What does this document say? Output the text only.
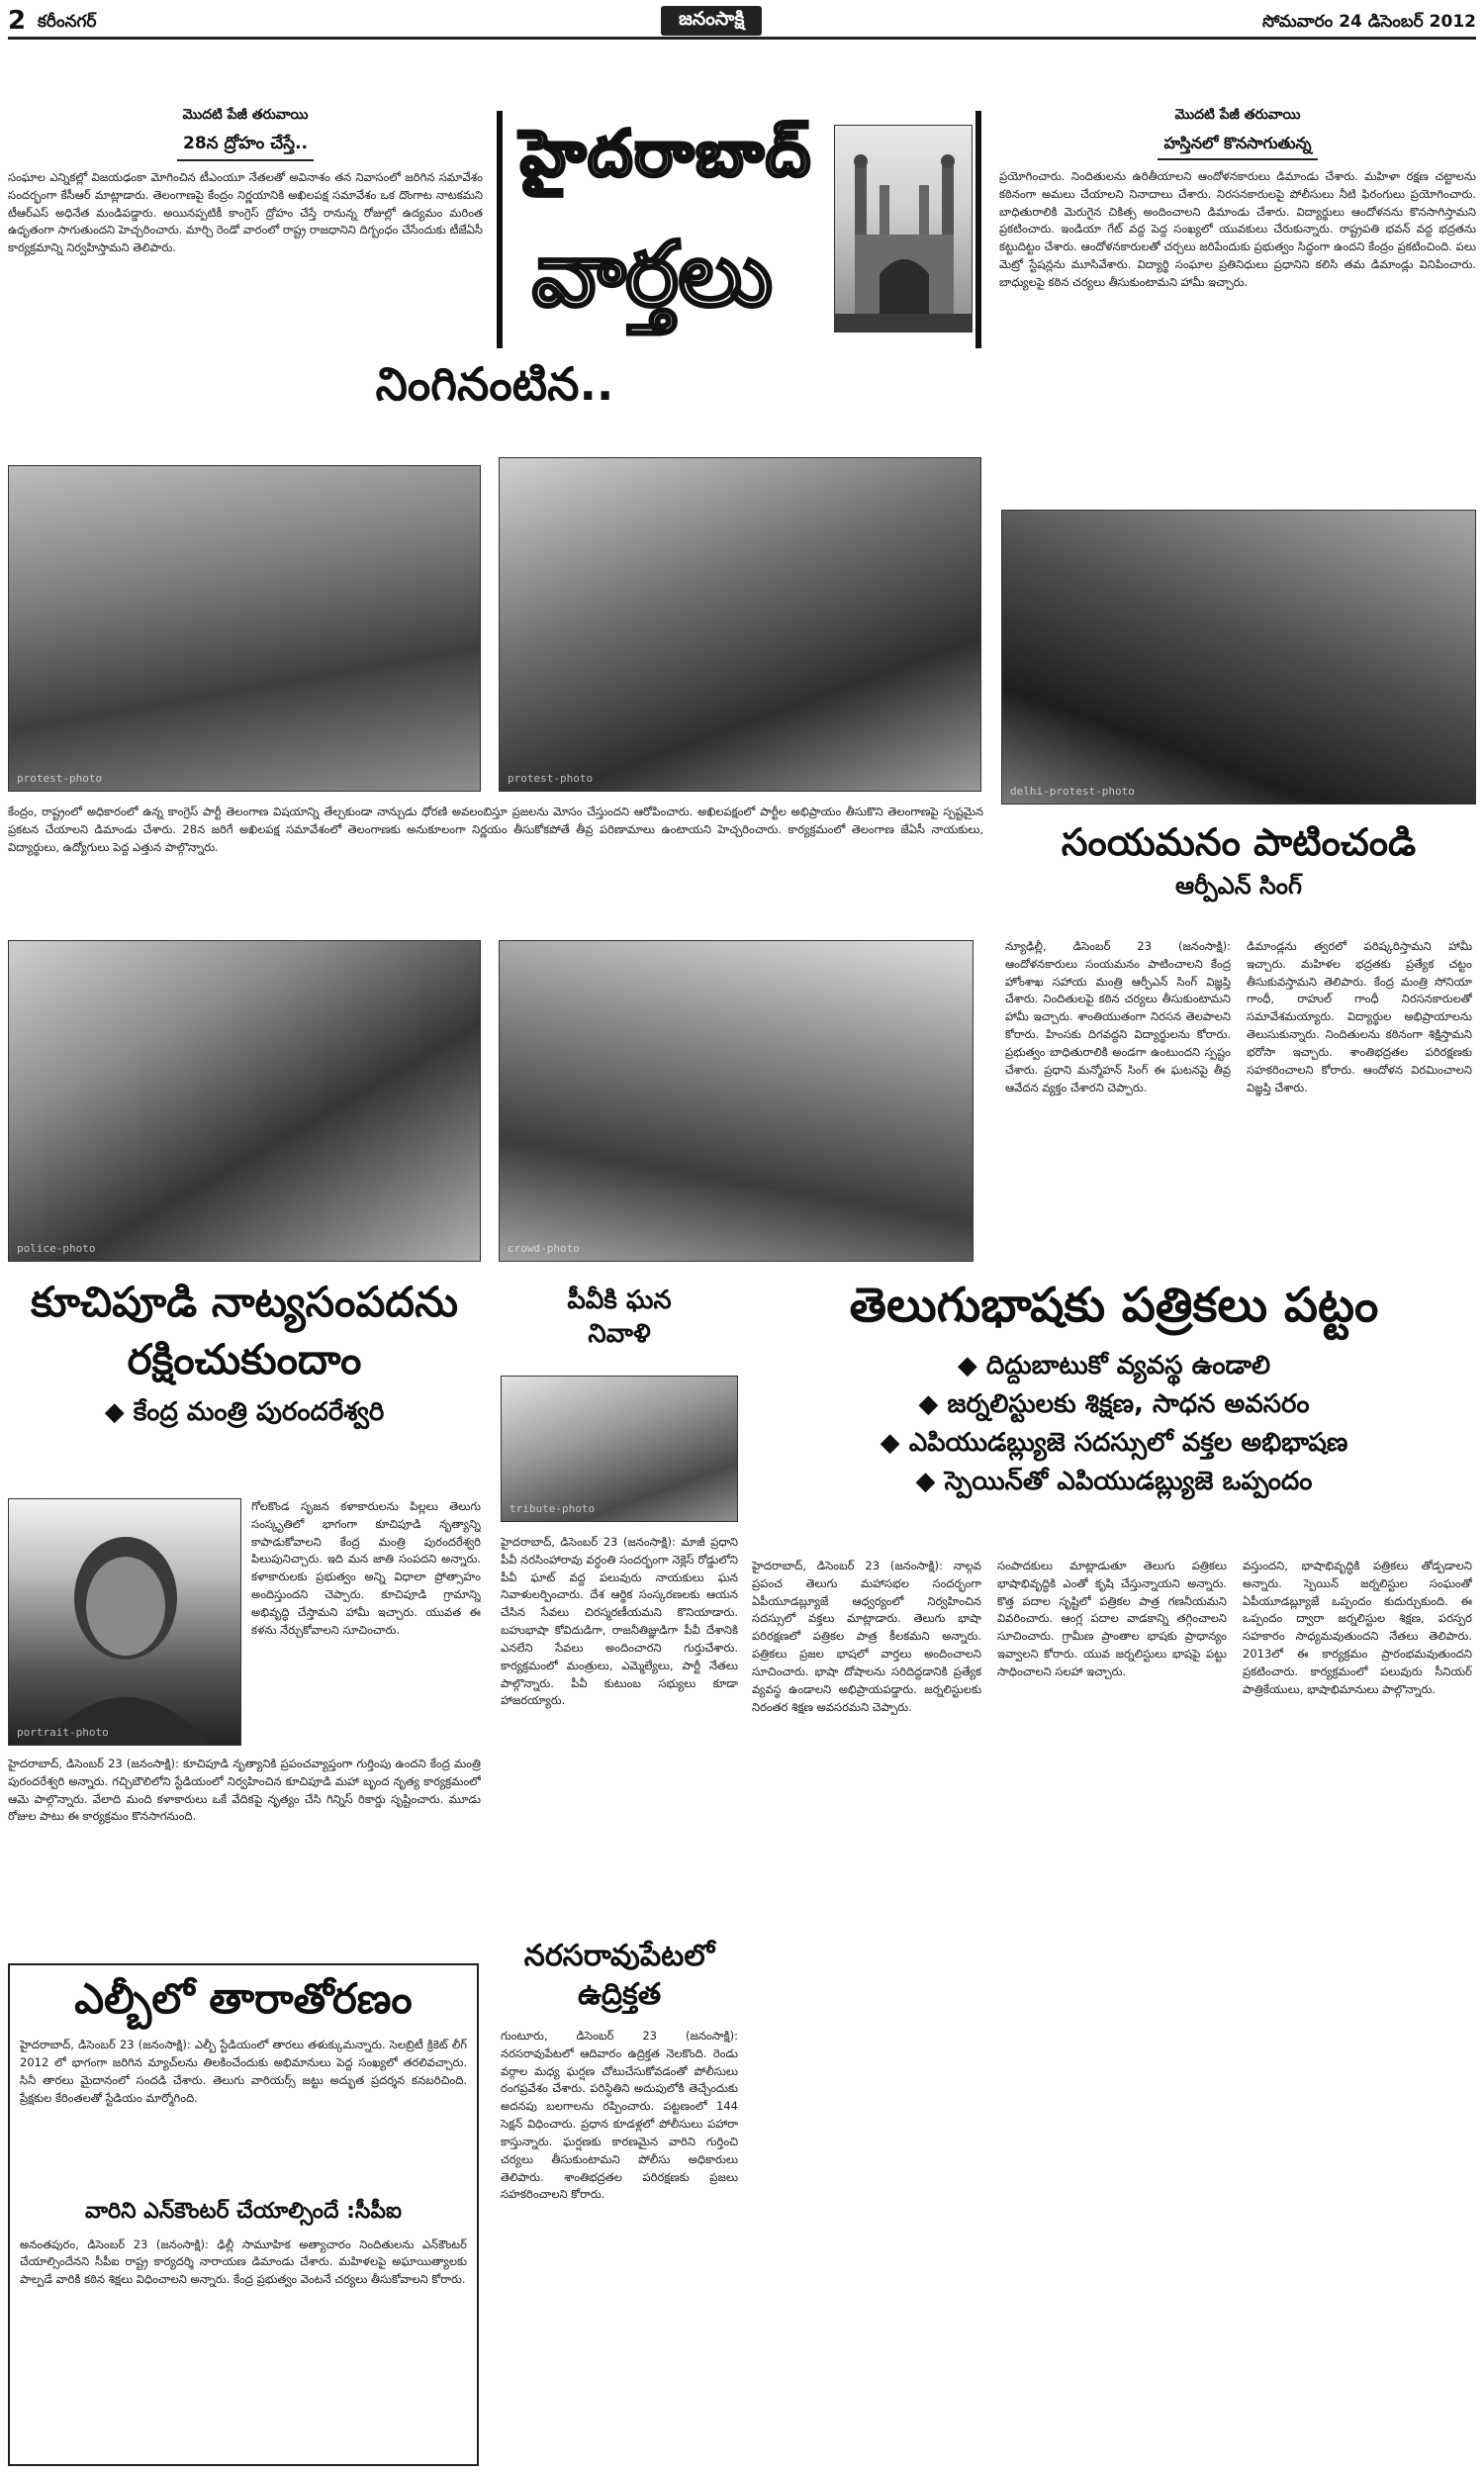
2 కరీంనగర్	జనంసాక్షి	సోమవారం 24 డిసెంబర్ 2012
మొదటి పేజీ తరువాయి
28న ద్రోహం చేస్తే..
సంఘాల ఎన్నికల్లో విజయఢంకా మోగించిన టీఎంయూ నేతలతో అవినాశం తన నివాసంలో జరిగిన సమావేశం సందర్భంగా కేసీఆర్ మాట్లాడారు. తెలంగాణపై కేంద్రం నిర్ణయానికి అఖిలపక్ష సమావేశం ఒక దొంగాట నాటకమని టీఆర్ఎస్ అధినేత మండిపడ్డారు. అయినప్పటికీ కాంగ్రెస్ ద్రోహం చేస్తే రానున్న రోజుల్లో ఉద్యమం మరింత ఉధృతంగా సాగుతుందని హెచ్చరించారు. మార్చి రెండో వారంలో రాష్ట్ర రాజధానిని దిగ్బంధం చేసేందుకు టీజేఏసీ కార్యక్రమాన్ని నిర్వహిస్తామని తెలిపారు.
హైదరాబాద్
వార్తలు
మొదటి పేజీ తరువాయి
హస్తినలో కొనసాగుతున్న
ప్రయోగించారు. నిందితులను ఉరితీయాలని ఆందోళనకారులు డిమాండు చేశారు. మహిళా రక్షణ చట్టాలను కఠినంగా అమలు చేయాలని నినాదాలు చేశారు. నిరసనకారులపై పోలీసులు నీటి ఫిరంగులు ప్రయోగించారు. బాధితురాలికి మెరుగైన చికిత్స అందించాలని డిమాండు చేశారు. విద్యార్థులు ఆందోళనను కొనసాగిస్తామని ప్రకటించారు. ఇండియా గేట్ వద్ద పెద్ద సంఖ్యలో యువకులు చేరుకున్నారు. రాష్ట్రపతి భవన్ వద్ద భద్రతను కట్టుదిట్టం చేశారు. ఆందోళనకారులతో చర్చలు జరిపేందుకు ప్రభుత్వం సిద్ధంగా ఉందని కేంద్రం ప్రకటించింది. పలు మెట్రో స్టేషన్లను మూసివేశారు. విద్యార్థి సంఘాల ప్రతినిధులు ప్రధానిని కలిసి తమ డిమాండ్లు వినిపించారు. బాధ్యులపై కఠిన చర్యలు తీసుకుంటామని హామీ ఇచ్చారు.
నింగినంటిన..
protest-photo	protest-photo
delhi-protest-photo
కేంద్రం, రాష్ట్రంలో అధికారంలో ఉన్న కాంగ్రెస్ పార్టీ తెలంగాణ విషయాన్ని తేల్చకుండా నాన్చుడు ధోరణి అవలంబిస్తూ ప్రజలను మోసం చేస్తుందని ఆరోపించారు. అఖిలపక్షంలో పార్టీల అభిప్రాయం తీసుకొని తెలంగాణపై స్పష్టమైన ప్రకటన చేయాలని డిమాండు చేశారు. 28న జరిగే అఖిలపక్ష సమావేశంలో తెలంగాణకు అనుకూలంగా నిర్ణయం తీసుకోకపోతే తీవ్ర పరిణామాలు ఉంటాయని హెచ్చరించారు. కార్యక్రమంలో తెలంగాణ జేఏసీ నాయకులు, విద్యార్థులు, ఉద్యోగులు పెద్ద ఎత్తున పాల్గొన్నారు.	సంయమనం పాటించండి
ఆర్పీఎన్ సింగ్
న్యూఢిల్లీ, డిసెంబర్ 23 (జనంసాక్షి): ఆందోళనకారులు సంయమనం పాటించాలని కేంద్ర హోంశాఖ సహాయ మంత్రి ఆర్పీఎన్ సింగ్ విజ్ఞప్తి చేశారు. నిందితులపై కఠిన చర్యలు తీసుకుంటామని హామీ ఇచ్చారు. శాంతియుతంగా నిరసన తెలపాలని కోరారు. హింసకు దిగవద్దని విద్యార్థులను కోరారు. ప్రభుత్వం బాధితురాలికి అండగా ఉంటుందని స్పష్టం చేశారు. ప్రధాని మన్మోహన్ సింగ్ ఈ ఘటనపై తీవ్ర ఆవేదన వ్యక్తం చేశారని చెప్పారు.
డిమాండ్లను త్వరలో పరిష్కరిస్తామని హామీ ఇచ్చారు. మహిళల భద్రతకు ప్రత్యేక చట్టం తీసుకువస్తామని తెలిపారు. కేంద్ర మంత్రి సోనియా గాంధీ, రాహుల్ గాంధీ నిరసనకారులతో సమావేశమయ్యారు. విద్యార్థుల అభిప్రాయాలను తెలుసుకున్నారు. నిందితులను కఠినంగా శిక్షిస్తామని భరోసా ఇచ్చారు. శాంతిభద్రతల పరిరక్షణకు సహకరించాలని కోరారు. ఆందోళన విరమించాలని విజ్ఞప్తి చేశారు.
police-photo	crowd-photo
కూచిపూడి నాట్యసంపదను
రక్షించుకుందాం
◆ కేంద్ర మంత్రి పురందరేశ్వరి
portrait-photo
గోలకొండ సృజన కళాకారులను పిల్లలు తెలుగు సంస్కృతిలో భాగంగా కూచిపూడి నృత్యాన్ని కాపాడుకోవాలని కేంద్ర మంత్రి పురందరేశ్వరి పిలుపునిచ్చారు. ఇది మన జాతి సంపదని అన్నారు. కళాకారులకు ప్రభుత్వం అన్ని విధాలా ప్రోత్సాహం అందిస్తుందని చెప్పారు. కూచిపూడి గ్రామాన్ని అభివృద్ధి చేస్తామని హామీ ఇచ్చారు. యువత ఈ కళను నేర్చుకోవాలని సూచించారు.
హైదరాబాద్, డిసెంబర్ 23 (జనంసాక్షి): కూచిపూడి నృత్యానికి ప్రపంచవ్యాప్తంగా గుర్తింపు ఉందని కేంద్ర మంత్రి పురందరేశ్వరి అన్నారు. గచ్చిబౌలిలోని స్టేడియంలో నిర్వహించిన కూచిపూడి మహా బృంద నృత్య కార్యక్రమంలో ఆమె పాల్గొన్నారు. వేలాది మంది కళాకారులు ఒకే వేదికపై నృత్యం చేసి గిన్నిస్ రికార్డు సృష్టించారు. మూడు రోజుల పాటు ఈ కార్యక్రమం కొనసాగనుంది.
పీవీకి ఘన
నివాళి
tribute-photo
హైదరాబాద్, డిసెంబర్ 23 (జనంసాక్షి): మాజీ ప్రధాని పీవీ నరసింహారావు వర్ధంతి సందర్భంగా నెక్లెస్ రోడ్డులోని పీవీ ఘాట్ వద్ద పలువురు నాయకులు ఘన నివాళులర్పించారు. దేశ ఆర్థిక సంస్కరణలకు ఆయన చేసిన సేవలు చిరస్మరణీయమని కొనియాడారు. బహుభాషా కోవిదుడిగా, రాజనీతిజ్ఞుడిగా పీవీ దేశానికి ఎనలేని సేవలు అందించారని గుర్తుచేశారు. కార్యక్రమంలో మంత్రులు, ఎమ్మెల్యేలు, పార్టీ నేతలు పాల్గొన్నారు. పీవీ కుటుంబ సభ్యులు కూడా హాజరయ్యారు.
తెలుగుభాషకు పత్రికలు పట్టం
◆ దిద్దుబాటుకో వ్యవస్థ ఉండాలి
◆ జర్నలిస్టులకు శిక్షణ, సాధన అవసరం
◆ ఎపియుడబ్ల్యుజె సదస్సులో వక్తల అభిభాషణ
◆ స్పెయిన్‌తో ఎపియుడబ్ల్యుజె ఒప్పందం
హైదరాబాద్, డిసెంబర్ 23 (జనంసాక్షి): నాల్గవ ప్రపంచ తెలుగు మహాసభల సందర్భంగా ఏపీయూడబ్ల్యూజే ఆధ్వర్యంలో నిర్వహించిన సదస్సులో వక్తలు మాట్లాడారు. తెలుగు భాషా పరిరక్షణలో పత్రికల పాత్ర కీలకమని అన్నారు. పత్రికలు ప్రజల భాషలో వార్తలు అందించాలని సూచించారు. భాషా దోషాలను సరిదిద్దడానికి ప్రత్యేక వ్యవస్థ ఉండాలని అభిప్రాయపడ్డారు. జర్నలిస్టులకు నిరంతర శిక్షణ అవసరమని చెప్పారు.
సంపాదకులు మాట్లాడుతూ తెలుగు పత్రికలు భాషాభివృద్ధికి ఎంతో కృషి చేస్తున్నాయని అన్నారు. కొత్త పదాల సృష్టిలో పత్రికల పాత్ర గణనీయమని వివరించారు. ఆంగ్ల పదాల వాడకాన్ని తగ్గించాలని సూచించారు. గ్రామీణ ప్రాంతాల భాషకు ప్రాధాన్యం ఇవ్వాలని కోరారు. యువ జర్నలిస్టులు భాషపై పట్టు సాధించాలని సలహా ఇచ్చారు.
వస్తుందని, భాషాభివృద్ధికి పత్రికలు తోడ్పడాలని అన్నారు. స్పెయిన్ జర్నలిస్టుల సంఘంతో ఏపీయూడబ్ల్యూజే ఒప్పందం కుదుర్చుకుంది. ఈ ఒప్పందం ద్వారా జర్నలిస్టుల శిక్షణ, పరస్పర సహకారం సాధ్యమవుతుందని నేతలు తెలిపారు. 2013లో ఈ కార్యక్రమం ప్రారంభమవుతుందని ప్రకటించారు. కార్యక్రమంలో పలువురు సీనియర్ పాత్రికేయులు, భాషాభిమానులు పాల్గొన్నారు.
ఎల్బీలో తారాతోరణం
హైదరాబాద్, డిసెంబర్ 23 (జనంసాక్షి): ఎల్బీ స్టేడియంలో తారలు తళుక్కుమన్నారు. సెలబ్రిటీ క్రికెట్ లీగ్ 2012 లో భాగంగా జరిగిన మ్యాచ్‌లను తిలకించేందుకు అభిమానులు పెద్ద సంఖ్యలో తరలివచ్చారు. సినీ తారలు మైదానంలో సందడి చేశారు. తెలుగు వారియర్స్ జట్టు అద్భుత ప్రదర్శన కనబరిచింది. ప్రేక్షకుల కేరింతలతో స్టేడియం మార్మోగింది.
వారిని ఎన్‌కౌంటర్ చేయాల్సిందే :సీపీఐ
అనంతపురం, డిసెంబర్ 23 (జనంసాక్షి): ఢిల్లీ సామూహిక అత్యాచారం నిందితులను ఎన్‌కౌంటర్ చేయాల్సిందేనని సీపీఐ రాష్ట్ర కార్యదర్శి నారాయణ డిమాండు చేశారు. మహిళలపై అఘాయిత్యాలకు పాల్పడే వారికి కఠిన శిక్షలు విధించాలని అన్నారు. కేంద్ర ప్రభుత్వం వెంటనే చర్యలు తీసుకోవాలని కోరారు.
నరసరావుపేటలో
ఉద్రిక్తత
గుంటూరు, డిసెంబర్ 23 (జనంసాక్షి): నరసరావుపేటలో ఆదివారం ఉద్రిక్తత నెలకొంది. రెండు వర్గాల మధ్య ఘర్షణ చోటుచేసుకోవడంతో పోలీసులు రంగప్రవేశం చేశారు. పరిస్థితిని అదుపులోకి తెచ్చేందుకు అదనపు బలగాలను రప్పించారు. పట్టణంలో 144 సెక్షన్ విధించారు. ప్రధాన కూడళ్లలో పోలీసులు పహారా కాస్తున్నారు. ఘర్షణకు కారణమైన వారిని గుర్తించి చర్యలు తీసుకుంటామని పోలీసు అధికారులు తెలిపారు. శాంతిభద్రతల పరిరక్షణకు ప్రజలు సహకరించాలని కోరారు.
